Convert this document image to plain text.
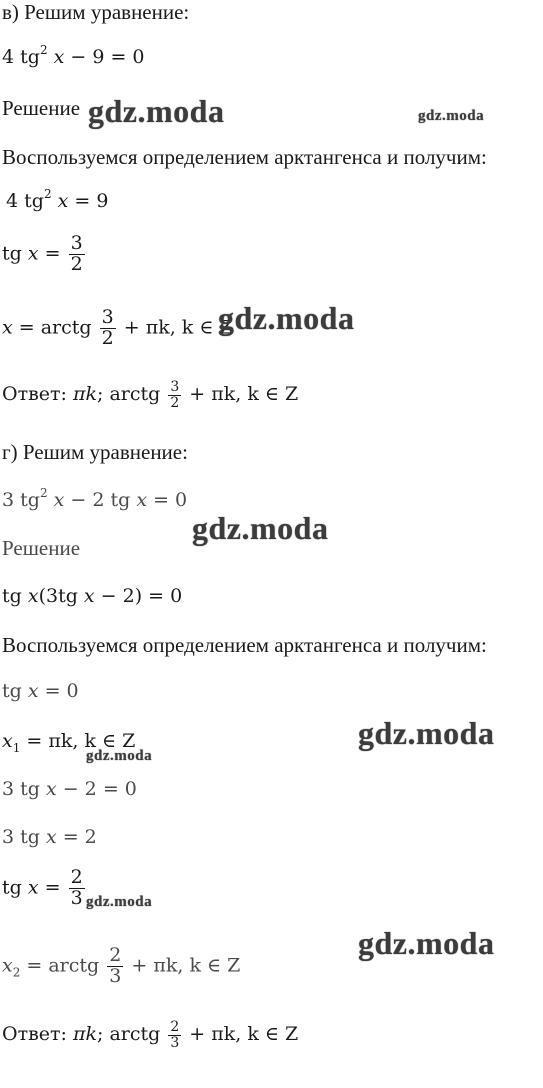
в) Решим уравнение:
4 $tg^2$ x − 9 = 0
Решение
Воспользуемся определением арктангенса и получим:
4 $tg^2$ x = 9
tg $x = \frac{3}{2}$
x = arctg $\frac{3}{2} + \pi k$, k ∈ Z
Ответ: πk; arctg $\frac{3}{2} + \pi k$, k ∈ Z
г) Решим уравнение:
3 $tg^2$ x − 2 tg x = 0
Решение
tg x(3tg x − 2) = 0
Воспользуемся определением арктангенса и получим:
tg x = 0
$x_1 = \pi k$, k ∈ Z
3 tg x − 2 = 0
3 tg x = 2
tg $x = \frac{2}{3}$
$x_2$ = arctg $\frac{2}{3} + \pi k$, k ∈ Z
Ответ: πk; arctg $\frac{2}{3} + \pi k$, k ∈ Z
gdz.moda	gdz.moda
gdz.moda
gdz.moda
gdz.moda
gdz.moda
gdz.moda
gdz.moda
